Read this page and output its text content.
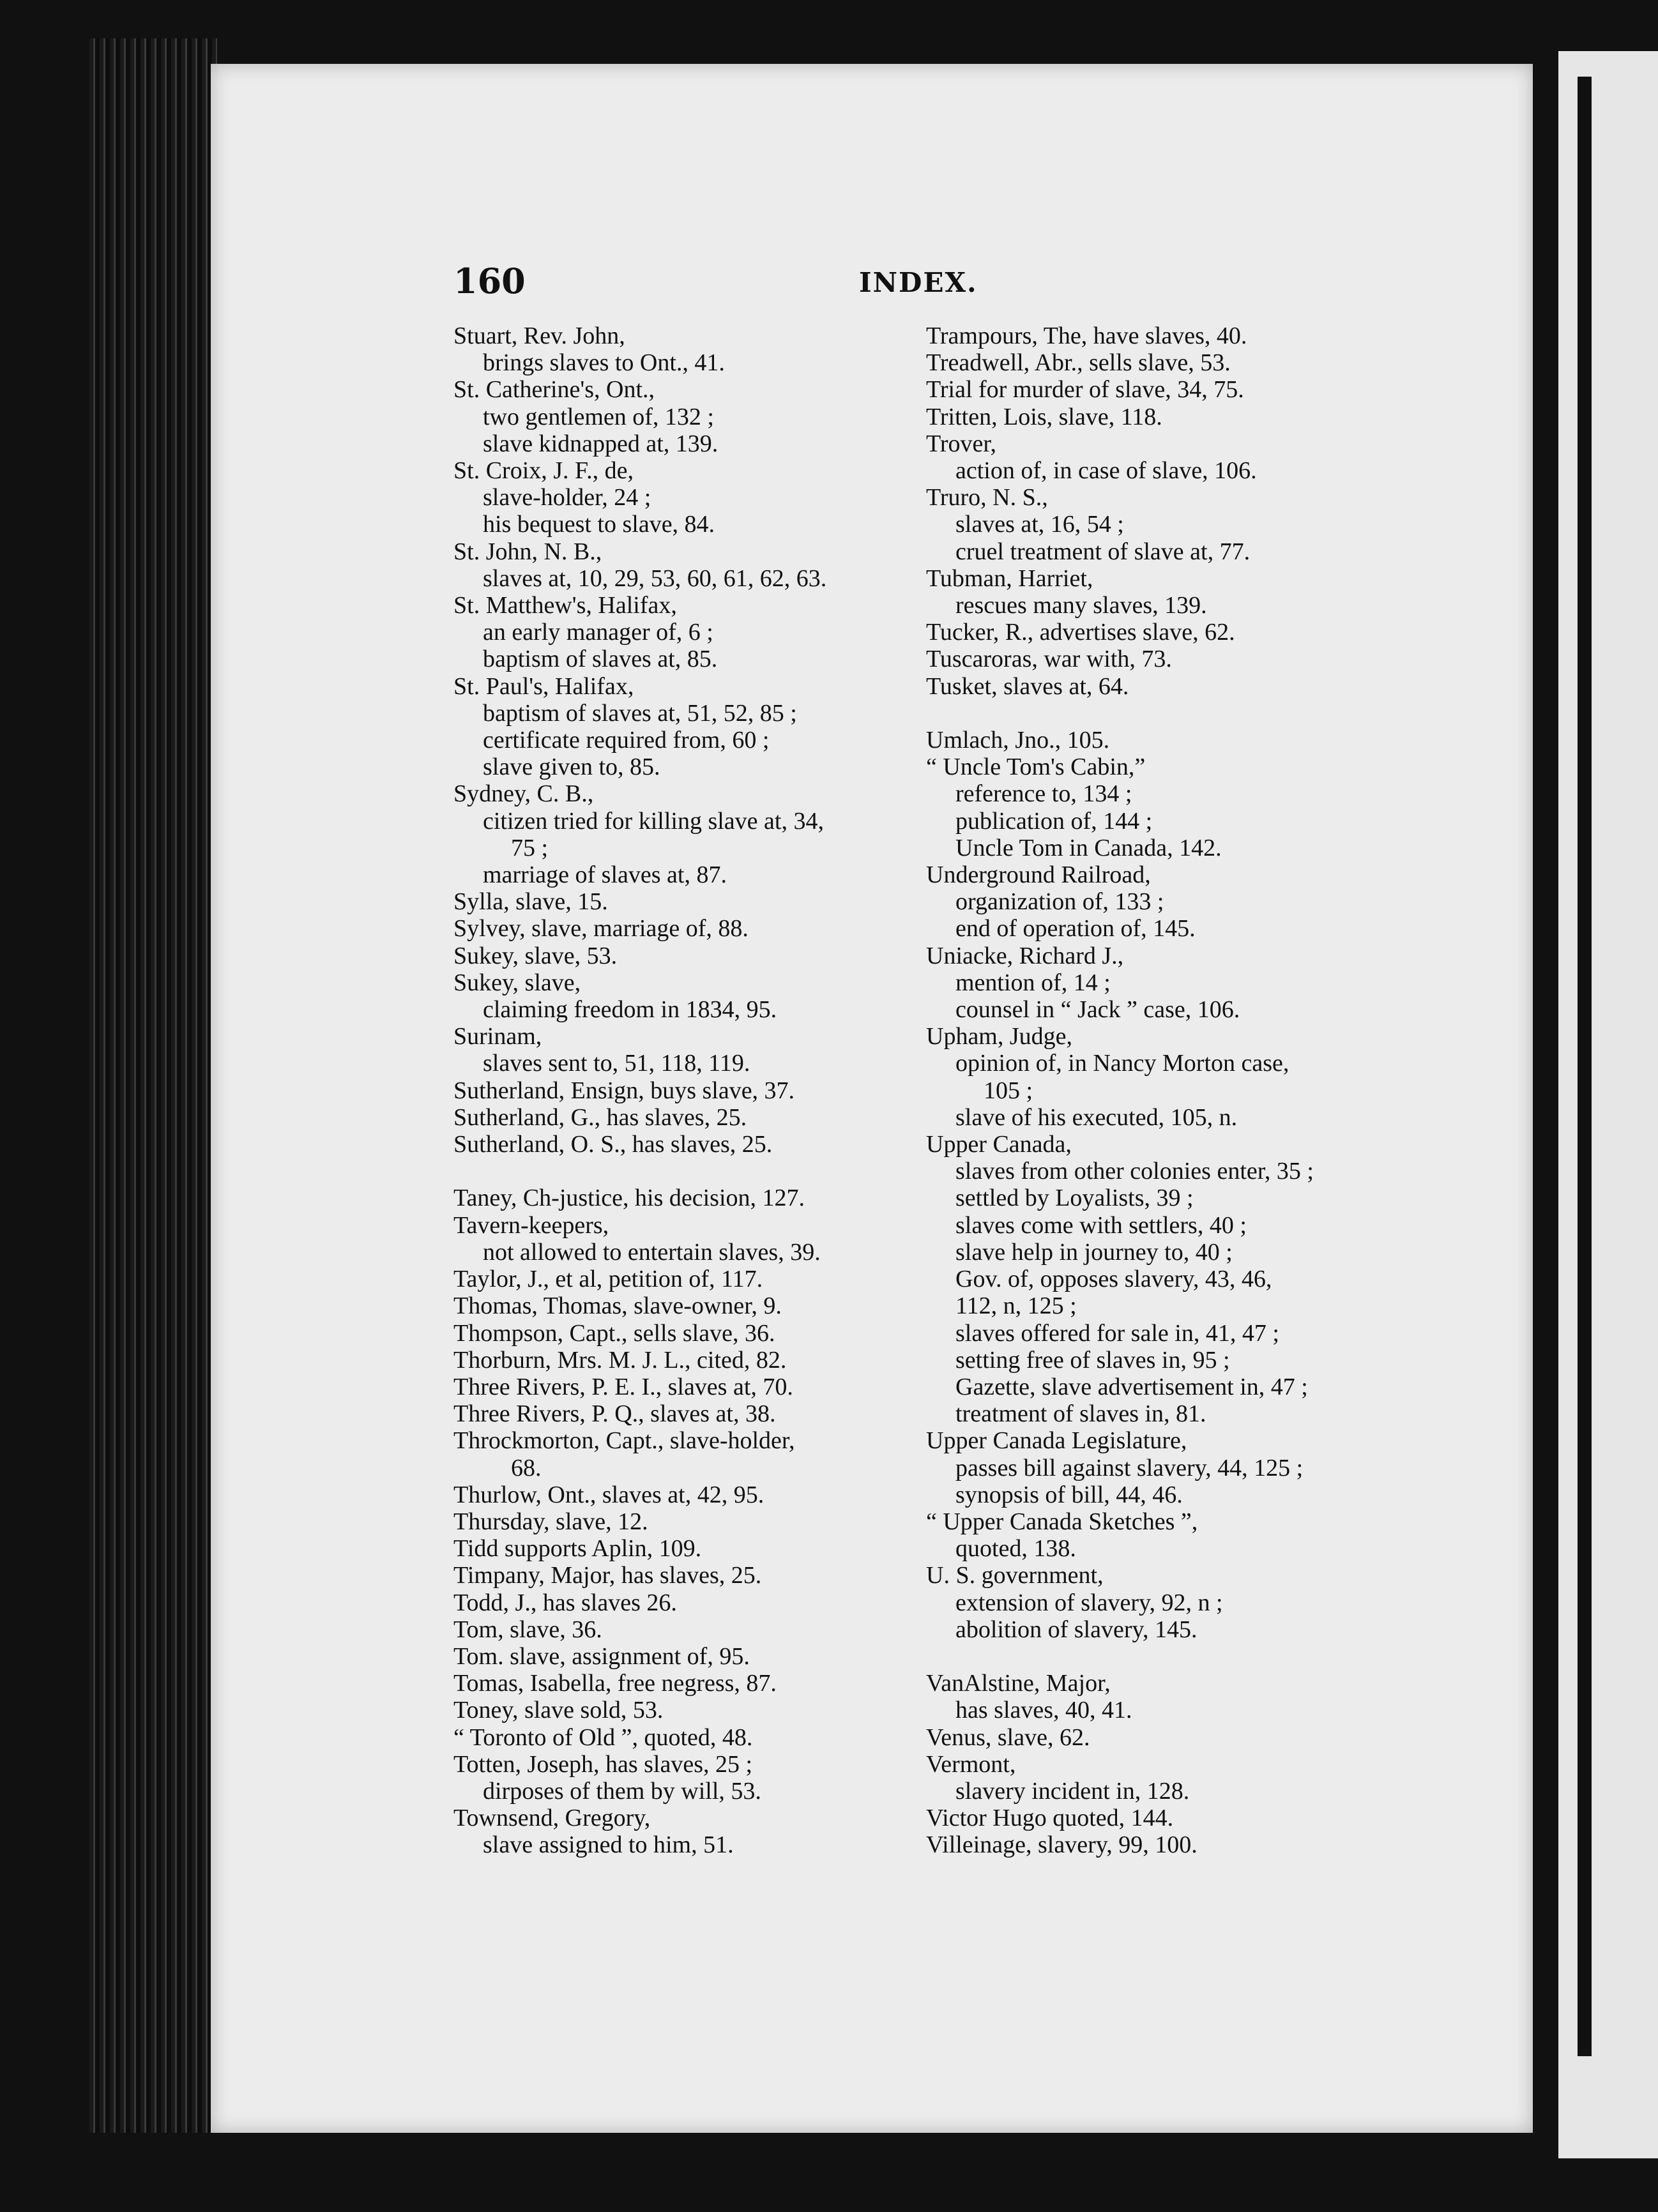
160	INDEX.
Stuart, Rev. John,
brings slaves to Ont., 41.
St. Catherine's, Ont.,
two gentlemen of, 132 ;
slave kidnapped at, 139.
St. Croix, J. F., de,
slave-holder, 24 ;
his bequest to slave, 84.
St. John, N. B.,
slaves at, 10, 29, 53, 60, 61, 62, 63.
St. Matthew's, Halifax,
an early manager of, 6 ;
baptism of slaves at, 85.
St. Paul's, Halifax,
baptism of slaves at, 51, 52, 85 ;
certificate required from, 60 ;
slave given to, 85.
Sydney, C. B.,
citizen tried for killing slave at, 34,
75 ;
marriage of slaves at, 87.
Sylla, slave, 15.
Sylvey, slave, marriage of, 88.
Sukey, slave, 53.
Sukey, slave,
claiming freedom in 1834, 95.
Surinam,
slaves sent to, 51, 118, 119.
Sutherland, Ensign, buys slave, 37.
Sutherland, G., has slaves, 25.
Sutherland, O. S., has slaves, 25.
Taney, Ch-justice, his decision, 127.
Tavern-keepers,
not allowed to entertain slaves, 39.
Taylor, J., et al, petition of, 117.
Thomas, Thomas, slave-owner, 9.
Thompson, Capt., sells slave, 36.
Thorburn, Mrs. M. J. L., cited, 82.
Three Rivers, P. E. I., slaves at, 70.
Three Rivers, P. Q., slaves at, 38.
Throckmorton, Capt., slave-holder,
68.
Thurlow, Ont., slaves at, 42, 95.
Thursday, slave, 12.
Tidd supports Aplin, 109.
Timpany, Major, has slaves, 25.
Todd, J., has slaves 26.
Tom, slave, 36.
Tom. slave, assignment of, 95.
Tomas, Isabella, free negress, 87.
Toney, slave sold, 53.
“ Toronto of Old ”, quoted, 48.
Totten, Joseph, has slaves, 25 ;
dirposes of them by will, 53.
Townsend, Gregory,
slave assigned to him, 51.
Trampours, The, have slaves, 40.
Treadwell, Abr., sells slave, 53.
Trial for murder of slave, 34, 75.
Tritten, Lois, slave, 118.
Trover,
action of, in case of slave, 106.
Truro, N. S.,
slaves at, 16, 54 ;
cruel treatment of slave at, 77.
Tubman, Harriet,
rescues many slaves, 139.
Tucker, R., advertises slave, 62.
Tuscaroras, war with, 73.
Tusket, slaves at, 64.
Umlach, Jno., 105.
“ Uncle Tom's Cabin,”
reference to, 134 ;
publication of, 144 ;
Uncle Tom in Canada, 142.
Underground Railroad,
organization of, 133 ;
end of operation of, 145.
Uniacke, Richard J.,
mention of, 14 ;
counsel in “ Jack ” case, 106.
Upham, Judge,
opinion of, in Nancy Morton case,
105 ;
slave of his executed, 105, n.
Upper Canada,
slaves from other colonies enter, 35 ;
settled by Loyalists, 39 ;
slaves come with settlers, 40 ;
slave help in journey to, 40 ;
Gov. of, opposes slavery, 43, 46,
112, n, 125 ;
slaves offered for sale in, 41, 47 ;
setting free of slaves in, 95 ;
Gazette, slave advertisement in, 47 ;
treatment of slaves in, 81.
Upper Canada Legislature,
passes bill against slavery, 44, 125 ;
synopsis of bill, 44, 46.
“ Upper Canada Sketches ”,
quoted, 138.
U. S. government,
extension of slavery, 92, n ;
abolition of slavery, 145.
VanAlstine, Major,
has slaves, 40, 41.
Venus, slave, 62.
Vermont,
slavery incident in, 128.
Victor Hugo quoted, 144.
Villeinage, slavery, 99, 100.
